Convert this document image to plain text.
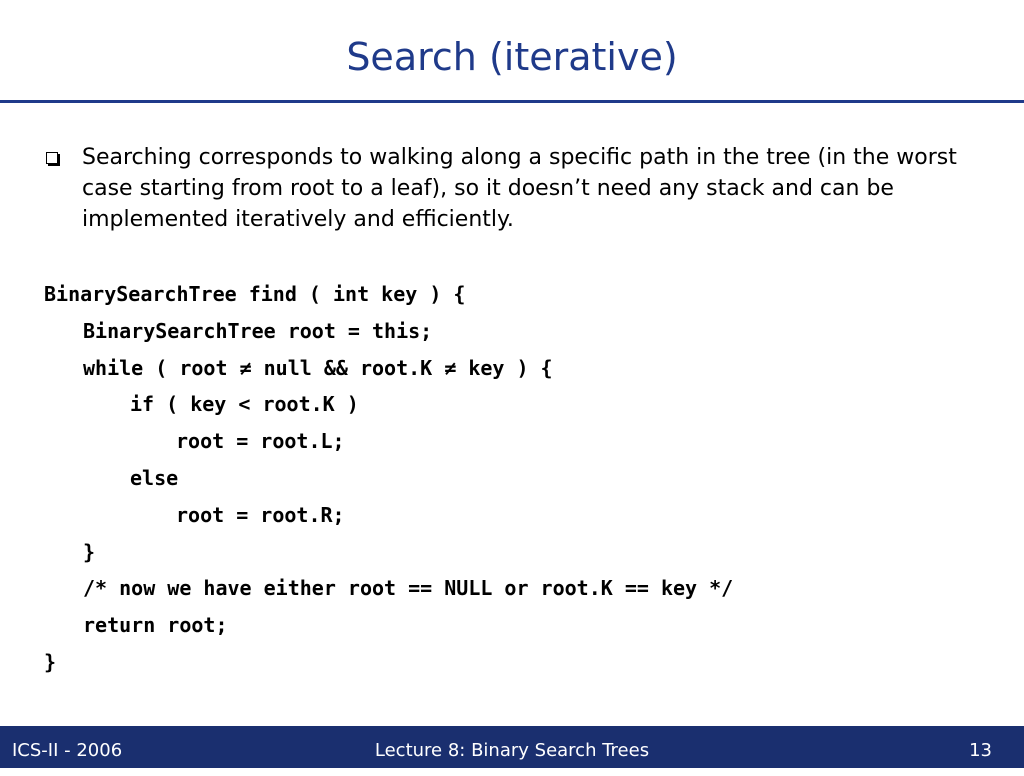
Search (iterative)

Searching corresponds to walking along a specific path in the tree (in the worst case starting from root to a leaf), so it doesn’t need any stack and can be implemented iteratively and efficiently.

BinarySearchTree find ( int key ) {
BinarySearchTree root = this;
while ( root ≠ null && root.K ≠ key ) {
if ( key < root.K )
root = root.L;
else
root = root.R;
}
/* now we have either root == NULL or root.K == key */
return root;
}
ICS-II - 2006	Lecture 8: Binary Search Trees	13
